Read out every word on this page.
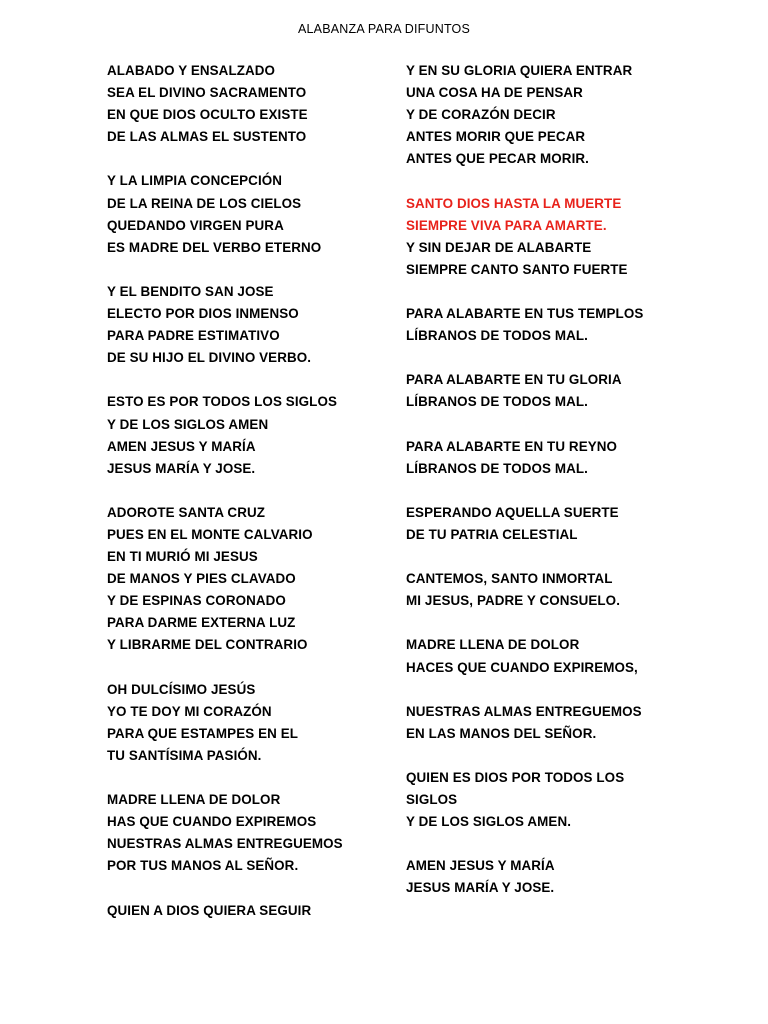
ALABANZA PARA DIFUNTOS
ALABADO Y ENSALZADO
SEA EL DIVINO SACRAMENTO
EN QUE DIOS OCULTO EXISTE
DE LAS ALMAS EL SUSTENTO
Y LA LIMPIA CONCEPCIÓN
DE LA REINA DE LOS CIELOS
QUEDANDO VIRGEN PURA
ES MADRE DEL VERBO ETERNO
Y EL BENDITO SAN JOSE
ELECTO POR DIOS INMENSO
PARA PADRE ESTIMATIVO
DE SU HIJO EL DIVINO VERBO.
ESTO ES POR TODOS LOS SIGLOS
Y DE LOS SIGLOS AMEN
AMEN JESUS Y MARÍA
JESUS MARÍA Y JOSE.
ADOROTE SANTA CRUZ
PUES EN EL MONTE CALVARIO
EN TI MURIÓ MI JESUS
DE MANOS Y PIES CLAVADO
Y DE ESPINAS CORONADO
PARA DARME EXTERNA LUZ
Y LIBRARME DEL CONTRARIO
OH DULCÍSIMO JESÚS
YO TE DOY MI CORAZÓN
PARA QUE ESTAMPES EN EL
TU SANTÍSIMA PASIÓN.
MADRE LLENA DE DOLOR
HAS QUE CUANDO EXPIREMOS
NUESTRAS ALMAS ENTREGUEMOS
POR TUS MANOS AL SEÑOR.
QUIEN A DIOS QUIERA SEGUIR
Y EN SU GLORIA QUIERA ENTRAR
UNA COSA HA DE PENSAR
Y DE CORAZÓN DECIR
ANTES MORIR QUE PECAR
ANTES QUE PECAR MORIR.
SANTO DIOS HASTA LA MUERTE
SIEMPRE VIVA PARA AMARTE.
Y SIN DEJAR DE ALABARTE
SIEMPRE CANTO SANTO FUERTE
PARA ALABARTE EN TUS TEMPLOS
LÍBRANOS DE TODOS MAL.
PARA ALABARTE EN TU GLORIA
LÍBRANOS DE TODOS MAL.
PARA ALABARTE EN TU REYNO
LÍBRANOS DE TODOS MAL.
ESPERANDO AQUELLA SUERTE
DE TU PATRIA CELESTIAL
CANTEMOS, SANTO INMORTAL
MI JESUS, PADRE Y CONSUELO.
MADRE LLENA DE DOLOR
HACES QUE CUANDO EXPIREMOS,
NUESTRAS ALMAS ENTREGUEMOS
EN LAS MANOS DEL SEÑOR.
QUIEN ES DIOS POR TODOS LOS
SIGLOS
Y DE LOS SIGLOS AMEN.
AMEN JESUS Y MARÍA
JESUS MARÍA Y JOSE.
